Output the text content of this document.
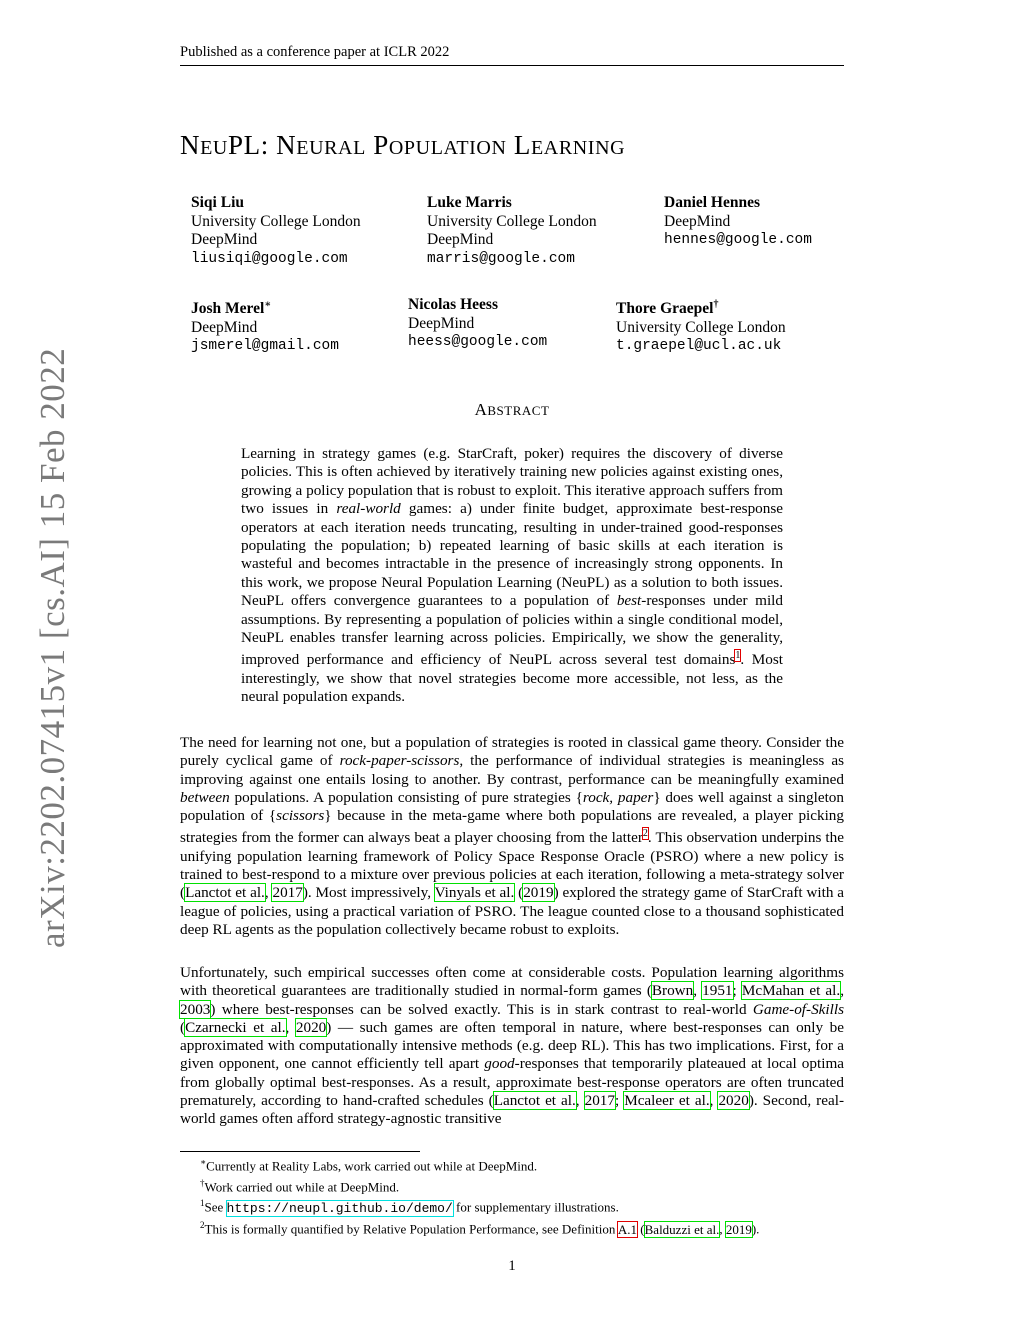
Published as a conference paper at ICLR 2022
arXiv:2202.07415v1 [cs.AI] 15 Feb 2022
NEUPL: NEURAL POPULATION LEARNING
Siqi Liu
University College London
DeepMind
liusiqi@google.com
Luke Marris
University College London
DeepMind
marris@google.com
Daniel Hennes
DeepMind
hennes@google.com
Josh Merel∗
DeepMind
jsmerel@gmail.com
Nicolas Heess
DeepMind
heess@google.com
Thore Graepel†
University College London
t.graepel@ucl.ac.uk
ABSTRACT
Learning in strategy games (e.g. StarCraft, poker) requires the discovery of diverse policies. This is often achieved by iteratively training new policies against existing ones, growing a policy population that is robust to exploit. This iterative approach suffers from two issues in real-world games: a) under finite budget, approximate best-response operators at each iteration needs truncating, resulting in under-trained good-responses populating the population; b) repeated learning of basic skills at each iteration is wasteful and becomes intractable in the presence of increasingly strong opponents. In this work, we propose Neural Population Learning (NeuPL) as a solution to both issues. NeuPL offers convergence guarantees to a population of best-responses under mild assumptions. By representing a population of policies within a single conditional model, NeuPL enables transfer learning across policies. Empirically, we show the generality, improved performance and efficiency of NeuPL across several test domains$^1$. Most interestingly, we show that novel strategies become more accessible, not less, as the neural population expands.
The need for learning not one, but a population of strategies is rooted in classical game theory. Consider the purely cyclical game of rock-paper-scissors, the performance of individual strategies is meaningless as improving against one entails losing to another. By contrast, performance can be meaningfully examined between populations. A population consisting of pure strategies {rock, paper} does well against a singleton population of {scissors} because in the meta-game where both populations are revealed, a player picking strategies from the former can always beat a player choosing from the latter$^2$. This observation underpins the unifying population learning framework of Policy Space Response Oracle (PSRO) where a new policy is trained to best-respond to a mixture over previous policies at each iteration, following a meta-strategy solver (Lanctot et al., 2017). Most impressively, Vinyals et al. (2019) explored the strategy game of StarCraft with a league of policies, using a practical variation of PSRO. The league counted close to a thousand sophisticated deep RL agents as the population collectively became robust to exploits.
Unfortunately, such empirical successes often come at considerable costs. Population learning algorithms with theoretical guarantees are traditionally studied in normal-form games (Brown, 1951; McMahan et al., 2003) where best-responses can be solved exactly. This is in stark contrast to real-world Game-of-Skills (Czarnecki et al., 2020) — such games are often temporal in nature, where best-responses can only be approximated with computationally intensive methods (e.g. deep RL). This has two implications. First, for a given opponent, one cannot efficiently tell apart good-responses that temporarily plateaued at local optima from globally optimal best-responses. As a result, approximate best-response operators are often truncated prematurely, according to hand-crafted schedules (Lanctot et al., 2017; Mcaleer et al., 2020). Second, real-world games often afford strategy-agnostic transitive
∗Currently at Reality Labs, work carried out while at DeepMind.
†Work carried out while at DeepMind.
$^1$See https://neupl.github.io/demo/ for supplementary illustrations.
$^2$This is formally quantified by Relative Population Performance, see Definition A.1 (Balduzzi et al., 2019).
1
